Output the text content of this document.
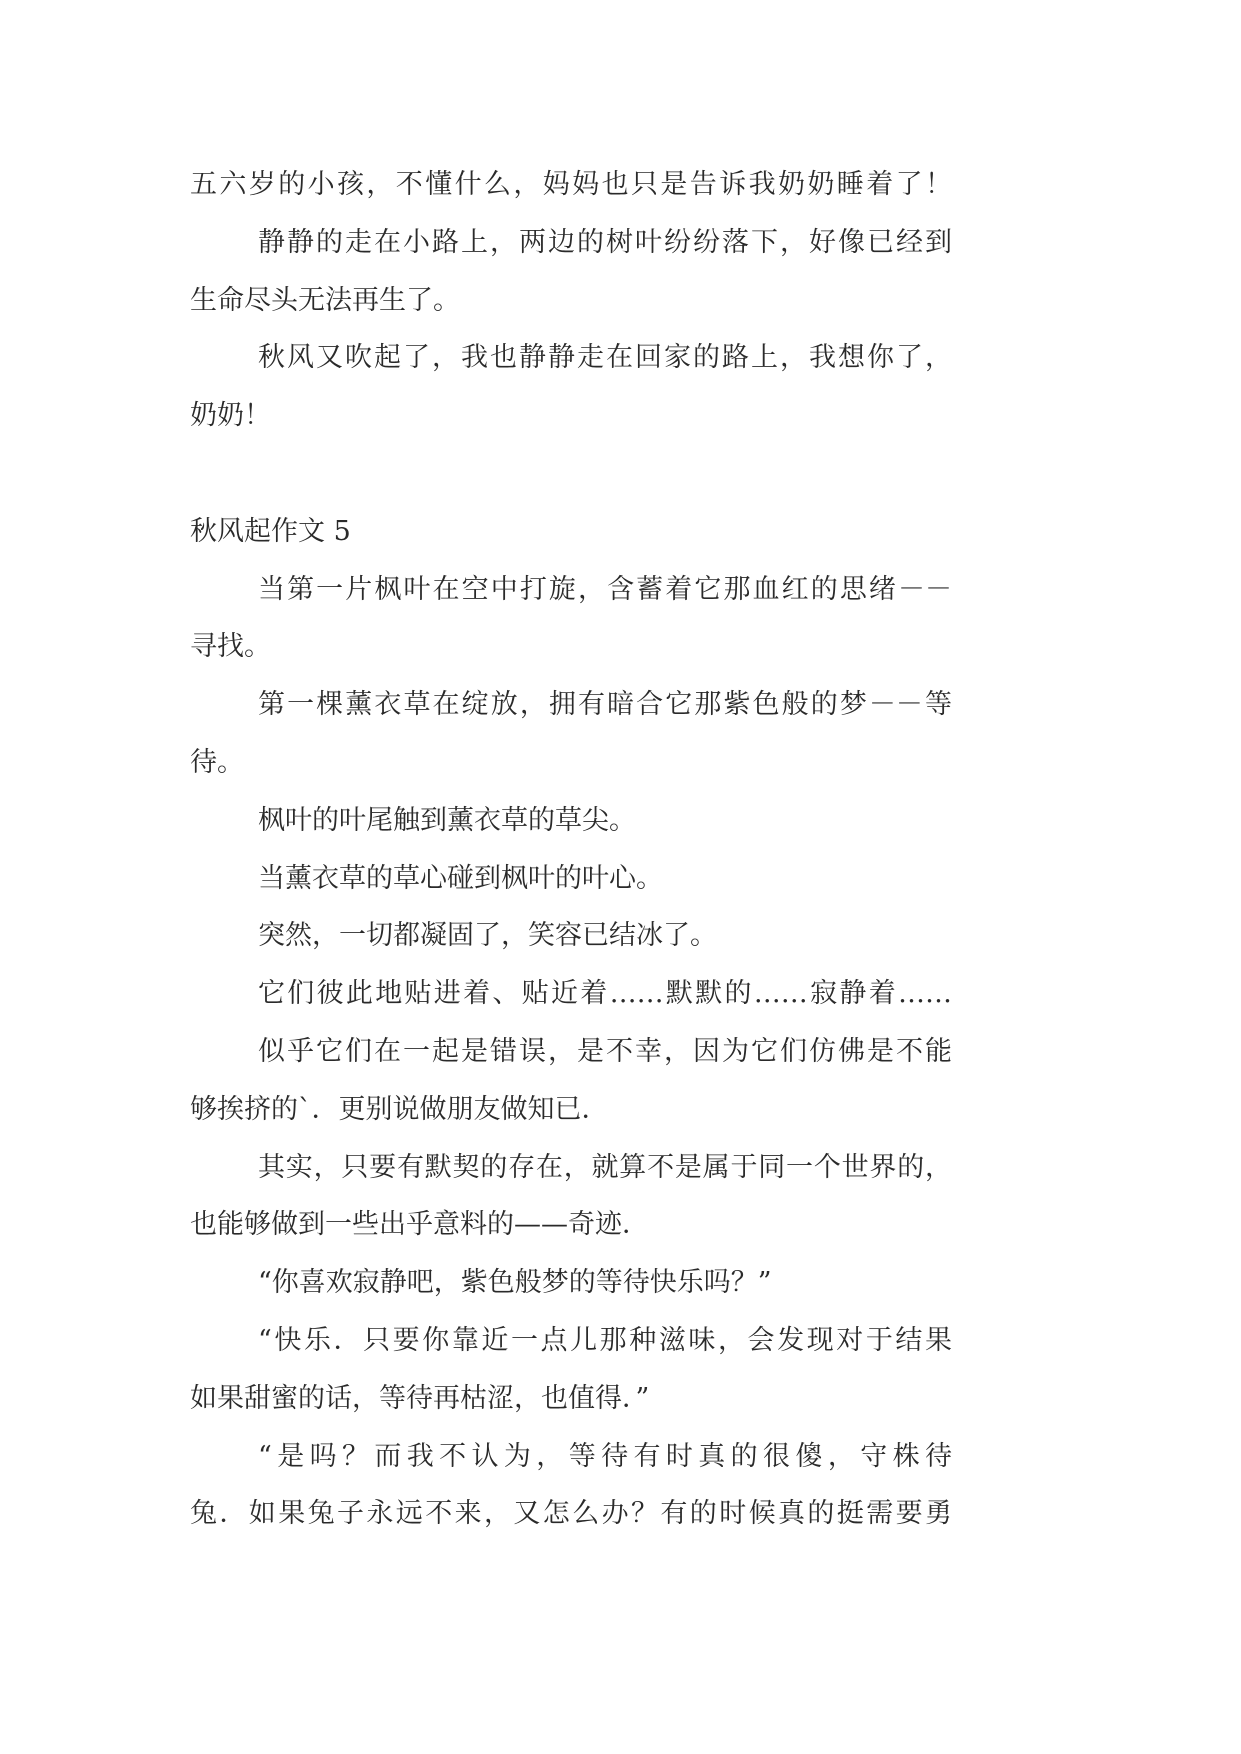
五六岁的小孩，不懂什么，妈妈也只是告诉我奶奶睡着了！
静静的走在小路上，两边的树叶纷纷落下，好像已经到
生命尽头无法再生了。
秋风又吹起了，我也静静走在回家的路上，我想你了，
奶奶！
秋风起作文 5
当第一片枫叶在空中打旋，含蓄着它那血红的思绪－－
寻找。
第一棵薰衣草在绽放，拥有暗合它那紫色般的梦－－等
待。
枫叶的叶尾触到薰衣草的草尖。
当薰衣草的草心碰到枫叶的叶心。
突然，一切都凝固了，笑容已结冰了。
它们彼此地贴进着、贴近着……默默的……寂静着……
似乎它们在一起是错误，是不幸，因为它们仿佛是不能
够挨挤的`．更别说做朋友做知已．
其实，只要有默契的存在，就算不是属于同一个世界的，
也能够做到一些出乎意料的——奇迹．
“你喜欢寂静吧，紫色般梦的等待快乐吗？”
“快乐．只要你靠近一点儿那种滋味，会发现对于结果
如果甜蜜的话，等待再枯涩，也值得．”
“是吗？而我不认为，等待有时真的很傻，守株待
兔．如果兔子永远不来，又怎么办？有的时候真的挺需要勇
